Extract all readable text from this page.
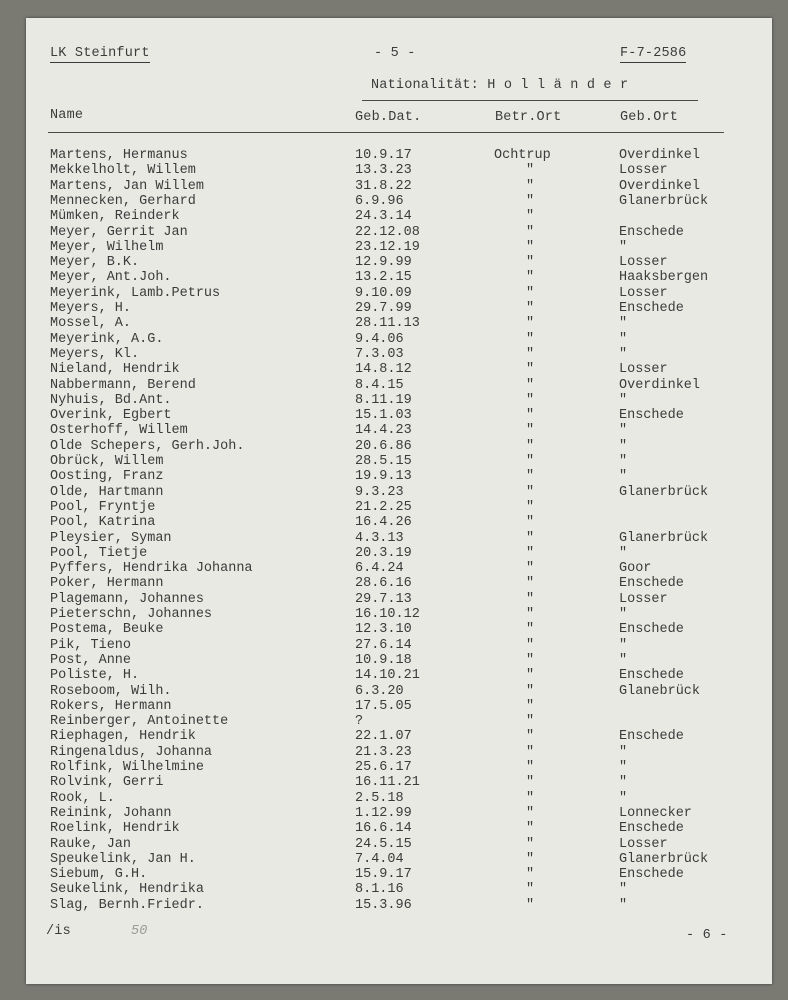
LK Steinfurt	- 5 -	F-7-2586
Nationalität: H o l l ä n d e r
Name	Geb.Dat.	Betr.Ort	Geb.Ort
Martens, Hermanus	10.9.17	Ochtrup	Overdinkel
Mekkelholt, Willem	13.3.23	"	Losser
Martens, Jan Willem	31.8.22	"	Overdinkel
Mennecken, Gerhard	6.9.96	"	Glanerbrück
Mümken, Reinderk	24.3.14	"
Meyer, Gerrit Jan	22.12.08	"	Enschede
Meyer, Wilhelm	23.12.19	"	"
Meyer, B.K.	12.9.99	"	Losser
Meyer, Ant.Joh.	13.2.15	"	Haaksbergen
Meyerink, Lamb.Petrus	9.10.09	"	Losser
Meyers, H.	29.7.99	"	Enschede
Mossel, A.	28.11.13	"	"
Meyerink, A.G.	9.4.06	"	"
Meyers, Kl.	7.3.03	"	"
Nieland, Hendrik	14.8.12	"	Losser
Nabbermann, Berend	8.4.15	"	Overdinkel
Nyhuis, Bd.Ant.	8.11.19	"	"
Overink, Egbert	15.1.03	"	Enschede
Osterhoff, Willem	14.4.23	"	"
Olde Schepers, Gerh.Joh.	20.6.86	"	"
Obrück, Willem	28.5.15	"	"
Oosting, Franz	19.9.13	"	"
Olde, Hartmann	9.3.23	"	Glanerbrück
Pool, Fryntje	21.2.25	"
Pool, Katrina	16.4.26	"
Pleysier, Syman	4.3.13	"	Glanerbrück
Pool, Tietje	20.3.19	"	"
Pyffers, Hendrika Johanna	6.4.24	"	Goor
Poker, Hermann	28.6.16	"	Enschede
Plagemann, Johannes	29.7.13	"	Losser
Pieterschn, Johannes	16.10.12	"	"
Postema, Beuke	12.3.10	"	Enschede
Pik, Tieno	27.6.14	"	"
Post, Anne	10.9.18	"	"
Poliste, H.	14.10.21	"	Enschede
Roseboom, Wilh.	6.3.20	"	Glanebrück
Rokers, Hermann	17.5.05	"
Reinberger, Antoinette	?	"
Riephagen, Hendrik	22.1.07	"	Enschede
Ringenaldus, Johanna	21.3.23	"	"
Rolfink, Wilhelmine	25.6.17	"	"
Rolvink, Gerri	16.11.21	"	"
Rook, L.	2.5.18	"	"
Reinink, Johann	1.12.99	"	Lonnecker
Roelink, Hendrik	16.6.14	"	Enschede
Rauke, Jan	24.5.15	"	Losser
Speukelink, Jan H.	7.4.04	"	Glanerbrück
Siebum, G.H.	15.9.17	"	Enschede
Seukelink, Hendrika	8.1.16	"	"
Slag, Bernh.Friedr.	15.3.96	"	"
/is	50	- 6 -
